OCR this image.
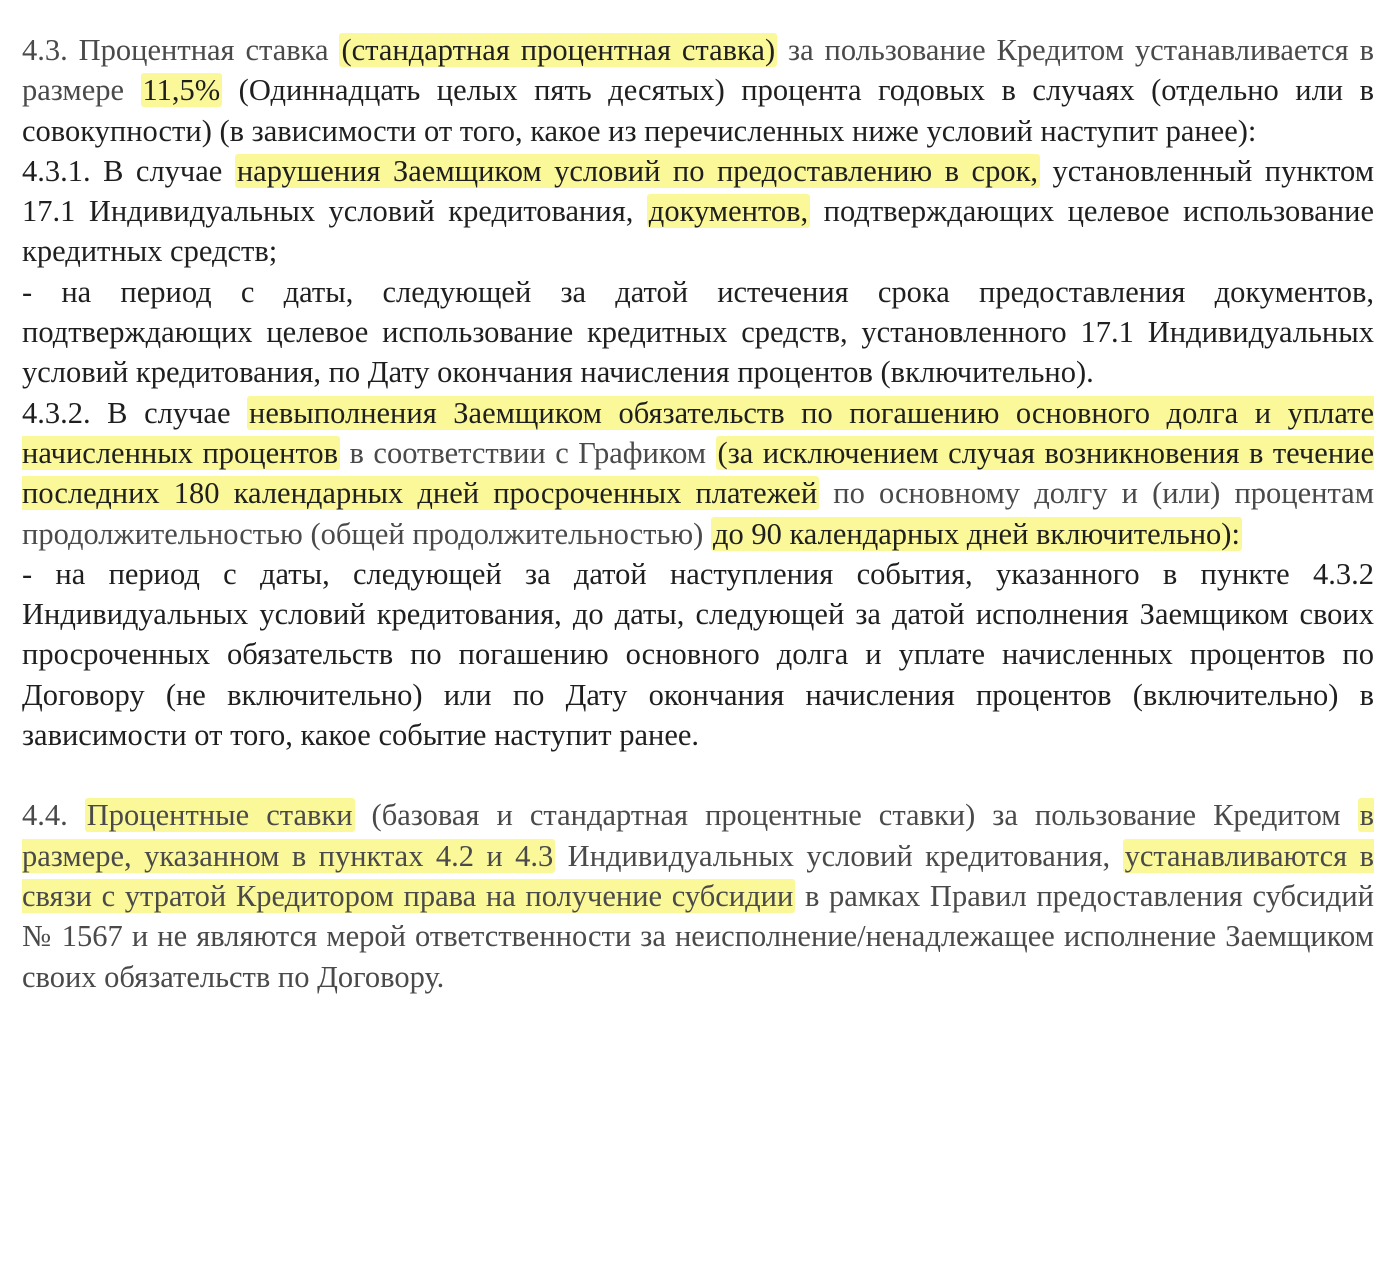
4.3. Процентная ставка (стандартная процентная ставка) за пользование Кредитом устанавливается в размере 11,5% (Одиннадцать целых пять десятых) процента годовых в случаях (отдельно или в совокупности) (в зависимости от того, какое из перечисленных ниже условий наступит ранее):

4.3.1. В случае нарушения Заемщиком условий по предоставлению в срок, установленный пунктом 17.1 Индивидуальных условий кредитования, документов, подтверждающих целевое использование кредитных средств;

- на период с даты, следующей за датой истечения срока предоставления документов, подтверждающих целевое использование кредитных средств, установленного 17.1 Индивидуальных условий кредитования, по Дату окончания начисления процентов (включительно).

4.3.2. В случае невыполнения Заемщиком обязательств по погашению основного долга и уплате начисленных процентов в соответствии с Графиком (за исключением случая возникновения в течение последних 180 календарных дней просроченных платежей по основному долгу и (или) процентам продолжительностью (общей продолжительностью) до 90 календарных дней включительно):

- на период с даты, следующей за датой наступления события, указанного в пункте 4.3.2 Индивидуальных условий кредитования, до даты, следующей за датой исполнения Заемщиком своих просроченных обязательств по погашению основного долга и уплате начисленных процентов по Договору (не включительно) или по Дату окончания начисления процентов (включительно) в зависимости от того, какое событие наступит ранее.

4.4. Процентные ставки (базовая и стандартная процентные ставки) за пользование Кредитом в размере, указанном в пунктах 4.2 и 4.3 Индивидуальных условий кредитования, устанавливаются в связи с утратой Кредитором права на получение субсидии в рамках Правил предоставления субсидий № 1567 и не являются мерой ответственности за неисполнение/ненадлежащее исполнение Заемщиком своих обязательств по Договору.
